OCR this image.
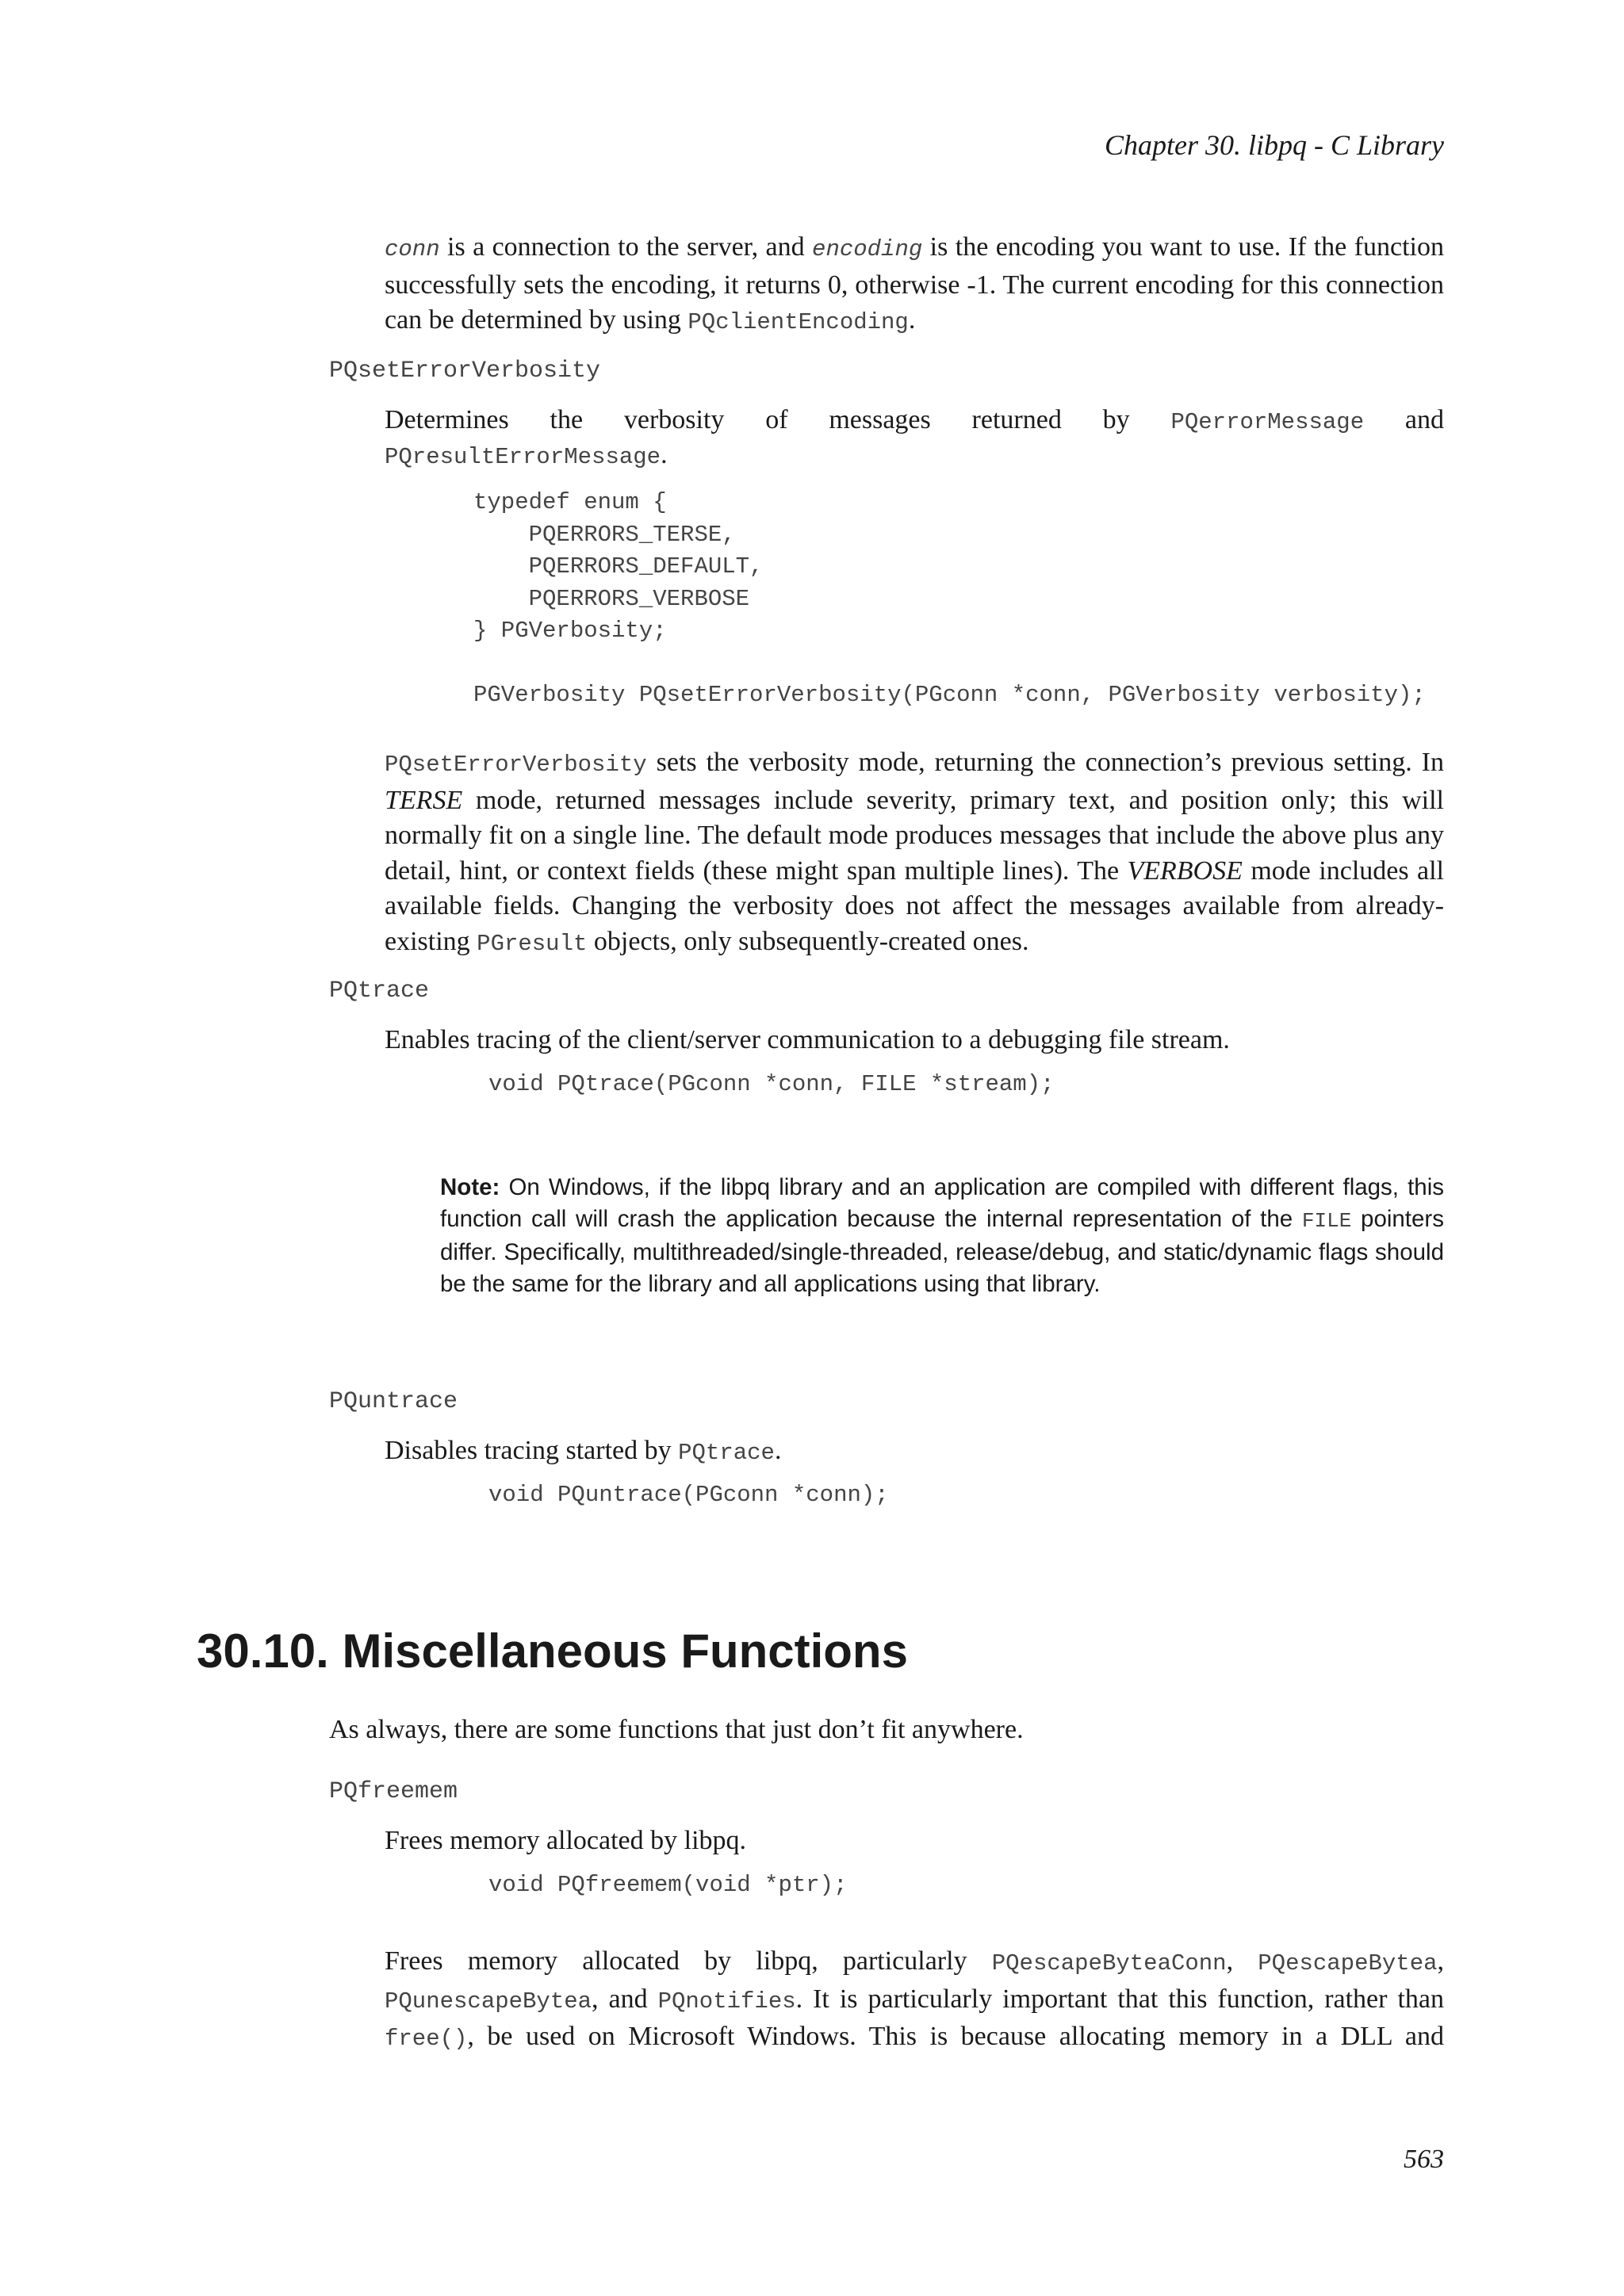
Chapter 30. libpq - C Library

conn is a connection to the server, and encoding is the encoding you want to use. If the function successfully sets the encoding, it returns 0, otherwise -1. The current encoding for this connection can be determined by using PQclientEncoding.

PQsetErrorVerbosity

Determines the verbosity of messages returned by PQerrorMessage and

PQresultErrorMessage.

typedef enum {
PQERRORS_TERSE,
PQERRORS_DEFAULT,
PQERRORS_VERBOSE
} PGVerbosity;

PGVerbosity PQsetErrorVerbosity(PGconn *conn, PGVerbosity verbosity);

PQsetErrorVerbosity sets the verbosity mode, returning the connection’s previous setting. In TERSE mode, returned messages include severity, primary text, and position only; this will normally fit on a single line. The default mode produces messages that include the above plus any detail, hint, or context fields (these might span multiple lines). The VERBOSE mode includes all available fields. Changing the verbosity does not affect the messages available from already-existing PGresult objects, only subsequently-created ones.

PQtrace

Enables tracing of the client/server communication to a debugging file stream.

void PQtrace(PGconn *conn, FILE *stream);

Note: On Windows, if the libpq library and an application are compiled with different flags, this function call will crash the application because the internal representation of the FILE pointers differ. Specifically, multithreaded/single-threaded, release/debug, and static/dynamic flags should be the same for the library and all applications using that library.

PQuntrace

Disables tracing started by PQtrace.

void PQuntrace(PGconn *conn);
30.10. Miscellaneous Functions

As always, there are some functions that just don’t fit anywhere.

PQfreemem

Frees memory allocated by libpq.

void PQfreemem(void *ptr);

Frees memory allocated by libpq, particularly PQescapeByteaConn, PQescapeBytea, PQunescapeBytea, and PQnotifies. It is particularly important that this function, rather than free(), be used on Microsoft Windows. This is because allocating memory in a DLL and

563
